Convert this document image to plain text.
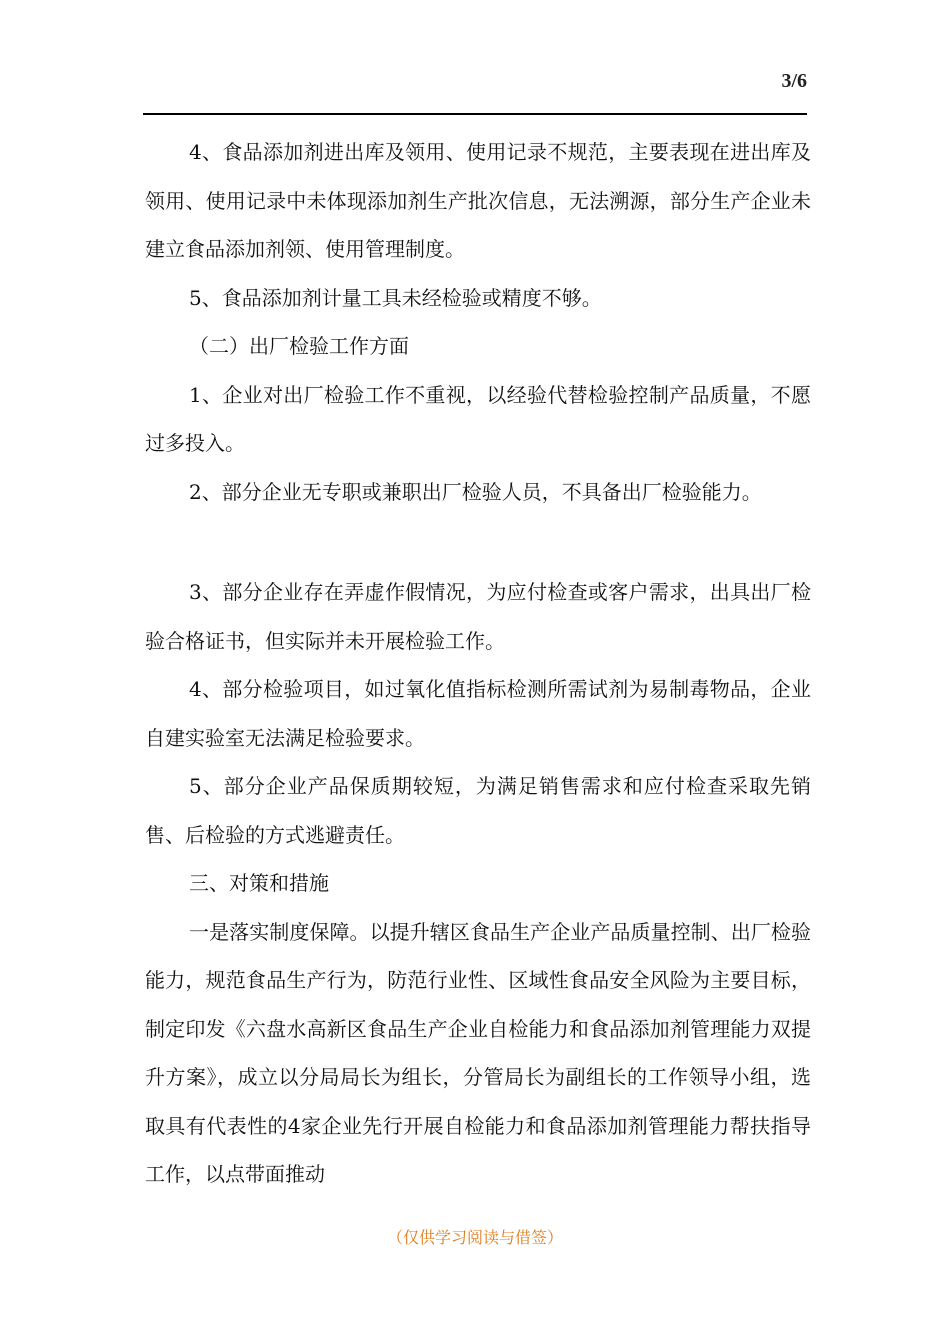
3/6

4、食品添加剂进出库及领用、使用记录不规范，主要表现在进出库及领用、使用记录中未体现添加剂生产批次信息，无法溯源，部分生产企业未建立食品添加剂领、使用管理制度。

5、食品添加剂计量工具未经检验或精度不够。

（二）出厂检验工作方面

1、企业对出厂检验工作不重视，以经验代替检验控制产品质量，不愿过多投入。

2、部分企业无专职或兼职出厂检验人员，不具备出厂检验能力。

3、部分企业存在弄虚作假情况，为应付检查或客户需求，出具出厂检验合格证书，但实际并未开展检验工作。

4、部分检验项目，如过氧化值指标检测所需试剂为易制毒物品，企业自建实验室无法满足检验要求。

5、部分企业产品保质期较短，为满足销售需求和应付检查采取先销售、后检验的方式逃避责任。

三、对策和措施

一是落实制度保障。以提升辖区食品生产企业产品质量控制、出厂检验能力，规范食品生产行为，防范行业性、区域性食品安全风险为主要目标，制定印发《六盘水高新区食品生产企业自检能力和食品添加剂管理能力双提升方案》，成立以分局局长为组长，分管局长为副组长的工作领导小组，选取具有代表性的4家企业先行开展自检能力和食品添加剂管理能力帮扶指导工作，以点带面推动

（仅供学习阅读与借签）
